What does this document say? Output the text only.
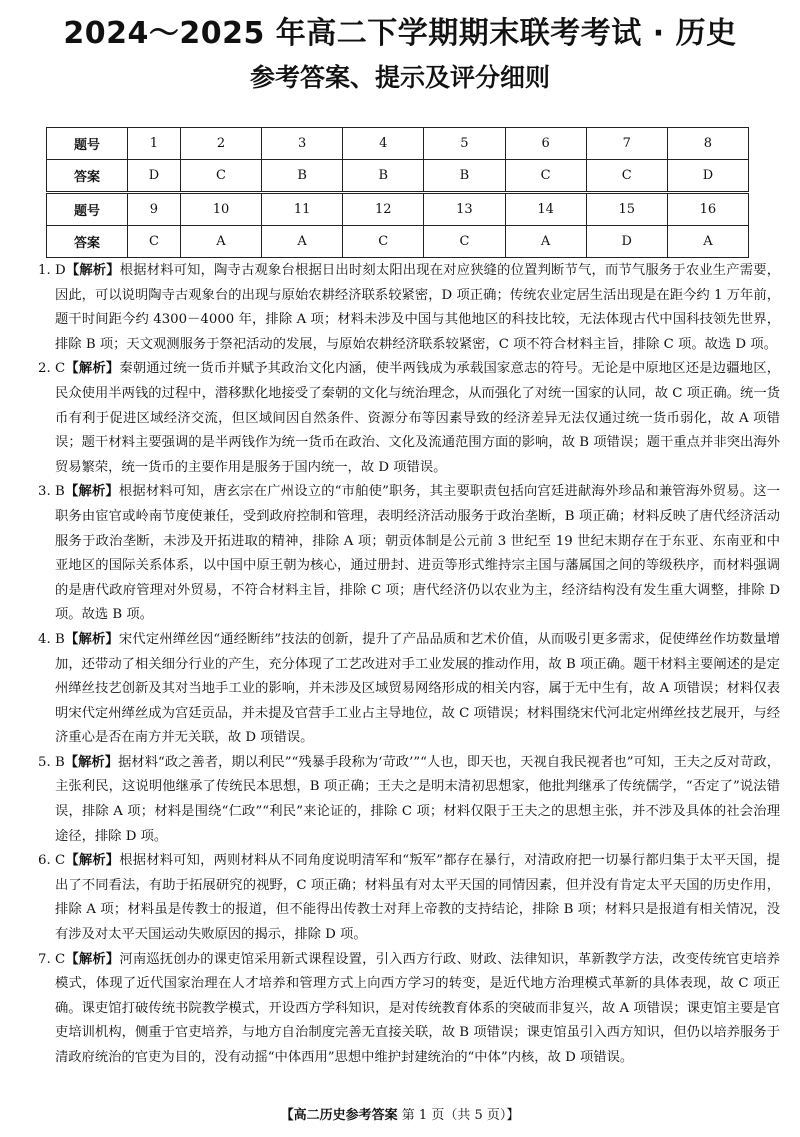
2024～2025 年高二下学期期末联考考试 · 历史
参考答案、提示及评分细则
题号	1	2	3	4	5	6	7	8
答案	D	C	B	B	B	C	C	D
题号	9	10	11	12	13	14	15	16
答案	C	A	A	C	C	A	D	A

1. D【解析】根据材料可知，陶寺古观象台根据日出时刻太阳出现在对应狭缝的位置判断节气，而节气服务于农业生产需要，因此，可以说明陶寺古观象台的出现与原始农耕经济联系较紧密，D 项正确；传统农业定居生活出现是在距今约 1 万年前，题干时间距今约 4300－4000 年，排除 A 项；材料未涉及中国与其他地区的科技比较，无法体现古代中国科技领先世界，排除 B 项；天文观测服务于祭祀活动的发展，与原始农耕经济联系较紧密，C 项不符合材料主旨，排除 C 项。故选 D 项。

2. C【解析】秦朝通过统一货币并赋予其政治文化内涵，使半两钱成为承载国家意志的符号。无论是中原地区还是边疆地区，民众使用半两钱的过程中，潜移默化地接受了秦朝的文化与统治理念，从而强化了对统一国家的认同，故 C 项正确。统一货币有利于促进区域经济交流，但区域间因自然条件、资源分布等因素导致的经济差异无法仅通过统一货币弱化，故 A 项错误；题干材料主要强调的是半两钱作为统一货币在政治、文化及流通范围方面的影响，故 B 项错误；题干重点并非突出海外贸易繁荣，统一货币的主要作用是服务于国内统一，故 D 项错误。

3. B【解析】根据材料可知，唐玄宗在广州设立的“市舶使”职务，其主要职责包括向宫廷进献海外珍品和兼管海外贸易。这一职务由宦官或岭南节度使兼任，受到政府控制和管理，表明经济活动服务于政治垄断，B 项正确；材料反映了唐代经济活动服务于政治垄断，未涉及开拓进取的精神，排除 A 项；朝贡体制是公元前 3 世纪至 19 世纪末期存在于东亚、东南亚和中亚地区的国际关系体系，以中国中原王朝为核心，通过册封、进贡等形式维持宗主国与藩属国之间的等级秩序，而材料强调的是唐代政府管理对外贸易，不符合材料主旨，排除 C 项；唐代经济仍以农业为主，经济结构没有发生重大调整，排除 D 项。故选 B 项。

4. B【解析】宋代定州缂丝因“通经断纬”技法的创新，提升了产品品质和艺术价值，从而吸引更多需求，促使缂丝作坊数量增加，还带动了相关细分行业的产生，充分体现了工艺改进对手工业发展的推动作用，故 B 项正确。题干材料主要阐述的是定州缂丝技艺创新及其对当地手工业的影响，并未涉及区域贸易网络形成的相关内容，属于无中生有，故 A 项错误；材料仅表明宋代定州缂丝成为宫廷贡品，并未提及官营手工业占主导地位，故 C 项错误；材料围绕宋代河北定州缂丝技艺展开，与经济重心是否在南方并无关联，故 D 项错误。

5. B【解析】据材料“政之善者，期以利民”“残暴手段称为‘苛政’”“人也，即天也，天视自我民视者也”可知，王夫之反对苛政，主张利民，这说明他继承了传统民本思想，B 项正确；王夫之是明末清初思想家，他批判继承了传统儒学，“否定了”说法错误，排除 A 项；材料是围绕“仁政”“利民”来论证的，排除 C 项；材料仅限于王夫之的思想主张，并不涉及具体的社会治理途径，排除 D 项。

6. C【解析】根据材料可知，两则材料从不同角度说明清军和“叛军”都存在暴行，对清政府把一切暴行都归集于太平天国，提出了不同看法，有助于拓展研究的视野，C 项正确；材料虽有对太平天国的同情因素，但并没有肯定太平天国的历史作用，排除 A 项；材料虽是传教士的报道，但不能得出传教士对拜上帝教的支持结论，排除 B 项；材料只是报道有相关情况，没有涉及对太平天国运动失败原因的揭示，排除 D 项。

7. C【解析】河南巡抚创办的课吏馆采用新式课程设置，引入西方行政、财政、法律知识，革新教学方法，改变传统官吏培养模式，体现了近代国家治理在人才培养和管理方式上向西方学习的转变，是近代地方治理模式革新的具体表现，故 C 项正确。课吏馆打破传统书院教学模式，开设西方学科知识，是对传统教育体系的突破而非复兴，故 A 项错误；课吏馆主要是官吏培训机构，侧重于官吏培养，与地方自治制度完善无直接关联，故 B 项错误；课吏馆虽引入西方知识，但仍以培养服务于清政府统治的官吏为目的，没有动摇“中体西用”思想中维护封建统治的“中体”内核，故 D 项错误。

【高二历史参考答案 第 1 页（共 5 页）】
